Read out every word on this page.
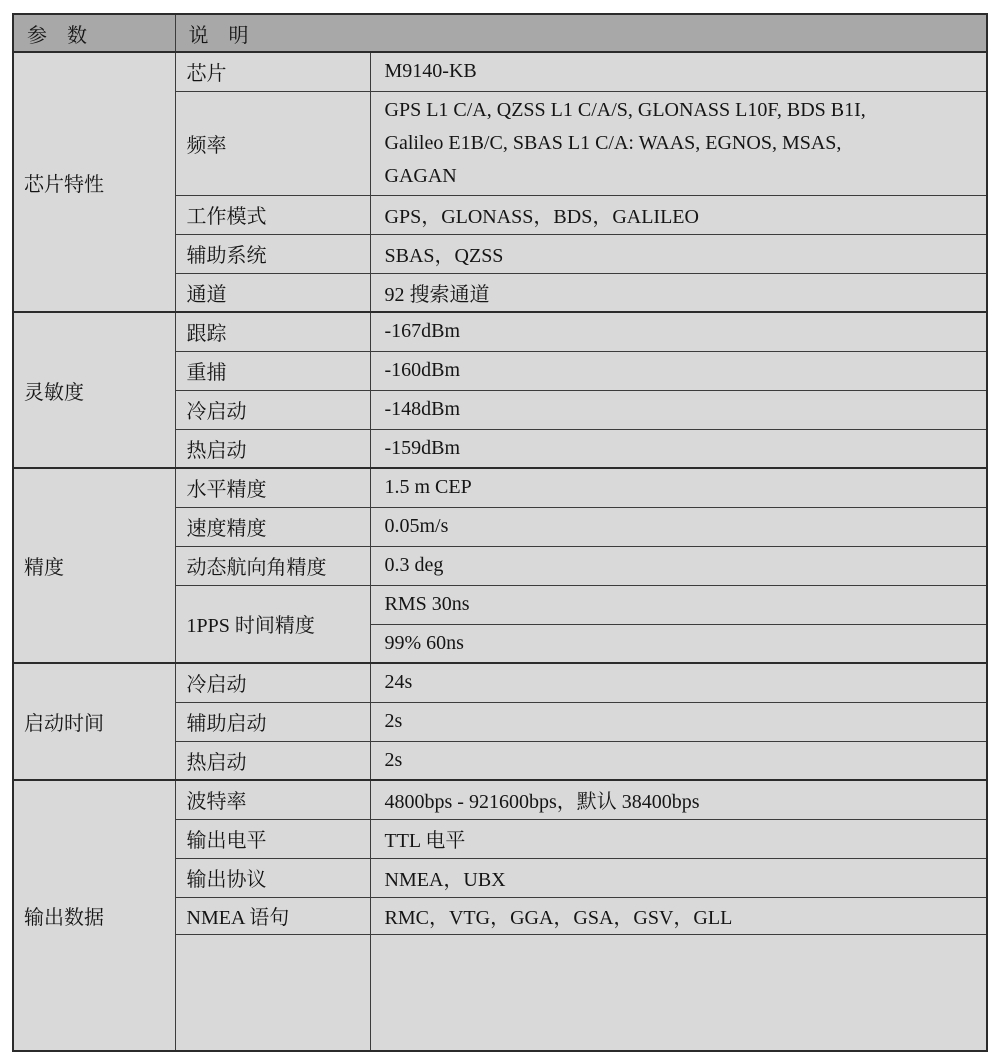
参　数	说　明	
芯片特性	芯片	M9140-KB
	频率	GPS L1 C/A, QZSS L1 C/A/S, GLONASS L10F, BDS B1I, Galileo E1B/C, SBAS L1 C/A: WAAS, EGNOS, MSAS, GAGAN
	工作模式	GPS，GLONASS，BDS，GALILEO
	辅助系统	SBAS，QZSS
	通道	92 搜索通道
灵敏度	跟踪	-167dBm
	重捕	-160dBm
	冷启动	-148dBm
	热启动	-159dBm
精度	水平精度	1.5 m CEP
	速度精度	0.05m/s
	动态航向角精度	0.3 deg
	1PPS 时间精度	RMS 30ns
		99% 60ns
启动时间	冷启动	24s
	辅助启动	2s
	热启动	2s
输出数据	波特率	4800bps - 921600bps，默认 38400bps
	输出电平	TTL 电平
	输出协议	NMEA，UBX
	NMEA 语句	RMC，VTG，GGA，GSA，GSV，GLL
